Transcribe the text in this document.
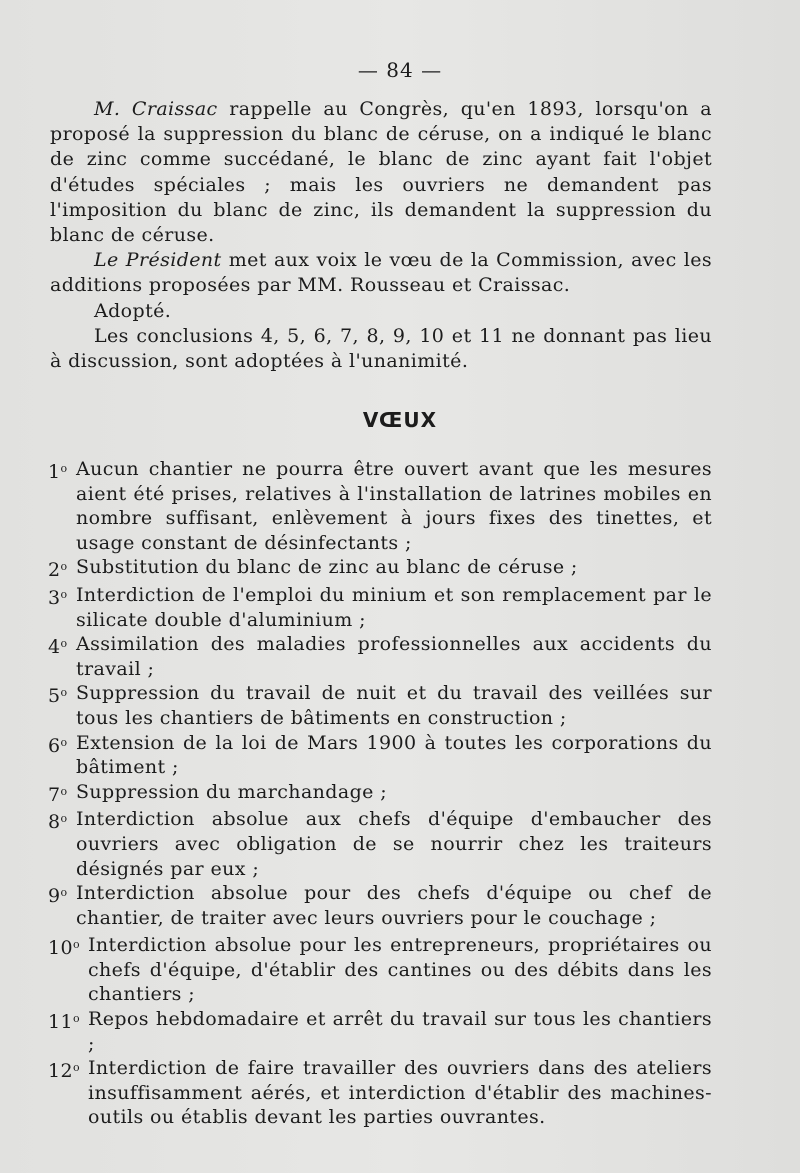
— 84 —

M. Craissac rappelle au Congrès, qu'en 1893, lorsqu'on a proposé la suppression du blanc de céruse, on a indiqué le blanc de zinc comme succédané, le blanc de zinc ayant fait l'objet d'études spéciales ; mais les ouvriers ne demandent pas l'imposition du blanc de zinc, ils demandent la suppression du blanc de céruse.

Le Président met aux voix le vœu de la Commission, avec les additions proposées par MM. Rousseau et Craissac.

Adopté.

Les conclusions 4, 5, 6, 7, 8, 9, 10 et 11 ne donnant pas lieu à discussion, sont adoptées à l'unanimité.

VŒUX
1$^o$ Aucun chantier ne pourra être ouvert avant que les mesures aient été prises, relatives à l'installation de latrines mobiles en nombre suffisant, enlèvement à jours fixes des tinettes, et usage constant de désinfectants ;
2$^o$ Substitution du blanc de zinc au blanc de céruse ;
3$^o$ Interdiction de l'emploi du minium et son remplacement par le silicate double d'aluminium ;
4$^o$ Assimilation des maladies professionnelles aux accidents du travail ;
5$^o$ Suppression du travail de nuit et du travail des veillées sur tous les chantiers de bâtiments en construction ;
6$^o$ Extension de la loi de Mars 1900 à toutes les corporations du bâtiment ;
7$^o$ Suppression du marchandage ;
8$^o$ Interdiction absolue aux chefs d'équipe d'embaucher des ouvriers avec obligation de se nourrir chez les traiteurs désignés par eux ;
9$^o$ Interdiction absolue pour des chefs d'équipe ou chef de chantier, de traiter avec leurs ouvriers pour le couchage ;
10$^o$ Interdiction absolue pour les entrepreneurs, propriétaires ou chefs d'équipe, d'établir des cantines ou des débits dans les chantiers ;
11$^o$ Repos hebdomadaire et arrêt du travail sur tous les chantiers ;
12$^o$ Interdiction de faire travailler des ouvriers dans des ateliers insuffisamment aérés, et interdiction d'établir des machines-outils ou établis devant les parties ouvrantes.
